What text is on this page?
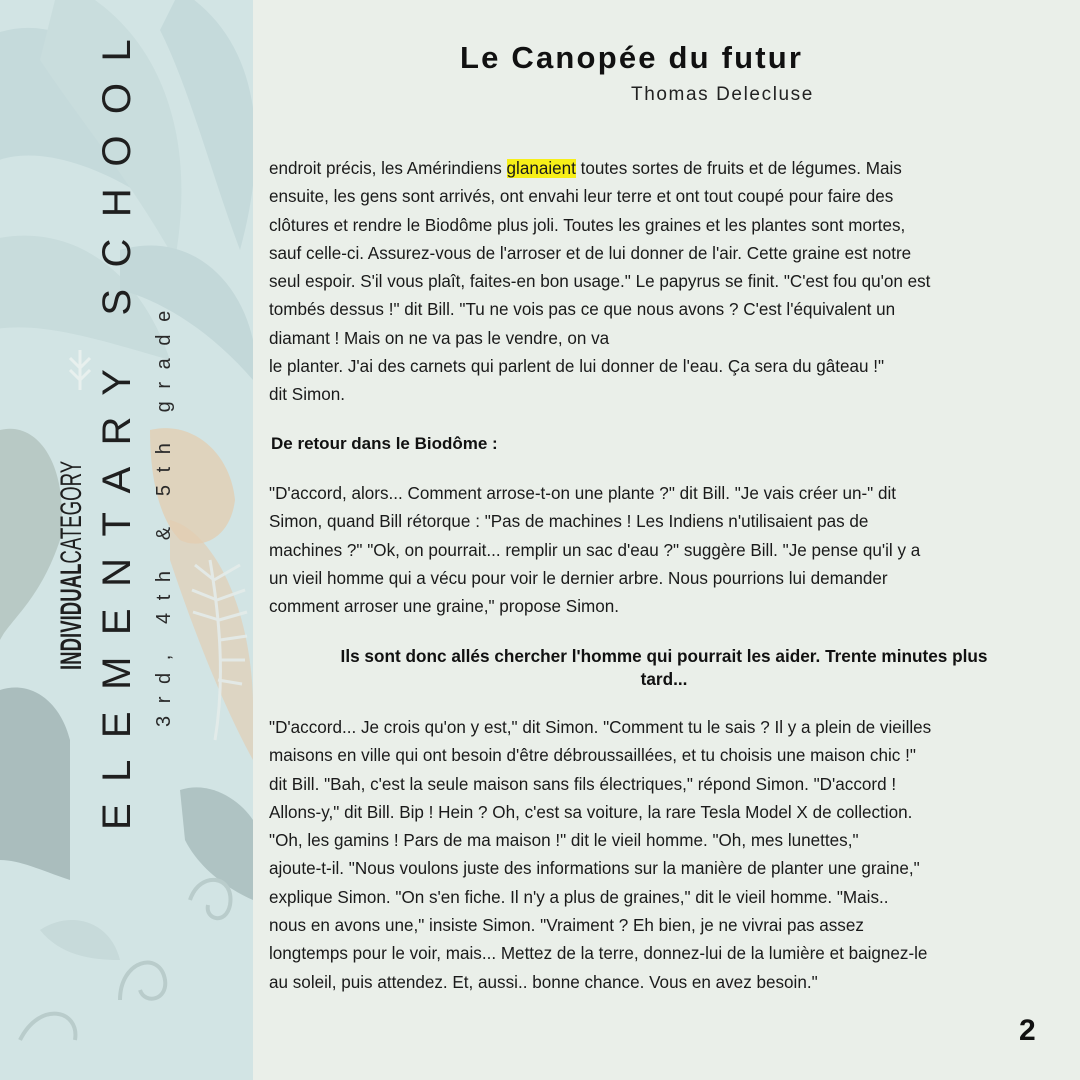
INDIVIDUALCATEGORY ELEMENTARY SCHOOL 3rd, 4th & 5th grade
Le Canopée du futur
Thomas Delecluse
endroit précis, les Amérindiens glanaient toutes sortes de fruits et de légumes. Mais
ensuite, les gens sont arrivés, ont envahi leur terre et ont tout coupé pour faire des
clôtures et rendre le Biodôme plus joli. Toutes les graines et les plantes sont mortes,
sauf celle-ci. Assurez-vous de l'arroser et de lui donner de l'air. Cette graine est notre
seul espoir. S'il vous plaît, faites-en bon usage." Le papyrus se finit. "C'est fou qu'on est
tombés dessus !" dit Bill. "Tu ne vois pas ce que nous avons ? C'est l'équivalent un
diamant ! Mais on ne va pas le vendre, on va
le planter. J'ai des carnets qui parlent de lui donner de l'eau. Ça sera du gâteau !"
dit Simon.

De retour dans le Biodôme :

"D'accord, alors... Comment arrose-t-on une plante ?" dit Bill. "Je vais créer un-" dit
Simon, quand Bill rétorque : "Pas de machines ! Les Indiens n'utilisaient pas de
machines ?" "Ok, on pourrait... remplir un sac d'eau ?" suggère Bill. "Je pense qu'il y a
un vieil homme qui a vécu pour voir le dernier arbre. Nous pourrions lui demander
comment arroser une graine," propose Simon.
Ils sont donc allés chercher l'homme qui pourrait les aider. Trente minutes plus
tard...
"D'accord... Je crois qu'on y est," dit Simon. "Comment tu le sais ? Il y a plein de vieilles
maisons en ville qui ont besoin d'être débroussaillées, et tu choisis une maison chic !"
dit Bill. "Bah, c'est la seule maison sans fils électriques," répond Simon. "D'accord !
Allons-y," dit Bill. Bip ! Hein ? Oh, c'est sa voiture, la rare Tesla Model X de collection.
"Oh, les gamins ! Pars de ma maison !" dit le vieil homme. "Oh, mes lunettes,"
ajoute-t-il. "Nous voulons juste des informations sur la manière de planter une graine,"
explique Simon. "On s'en fiche. Il n'y a plus de graines," dit le vieil homme. "Mais..
nous en avons une," insiste Simon. "Vraiment ? Eh bien, je ne vivrai pas assez
longtemps pour le voir, mais... Mettez de la terre, donnez-lui de la lumière et baignez-le
au soleil, puis attendez. Et, aussi.. bonne chance. Vous en avez besoin."
2
